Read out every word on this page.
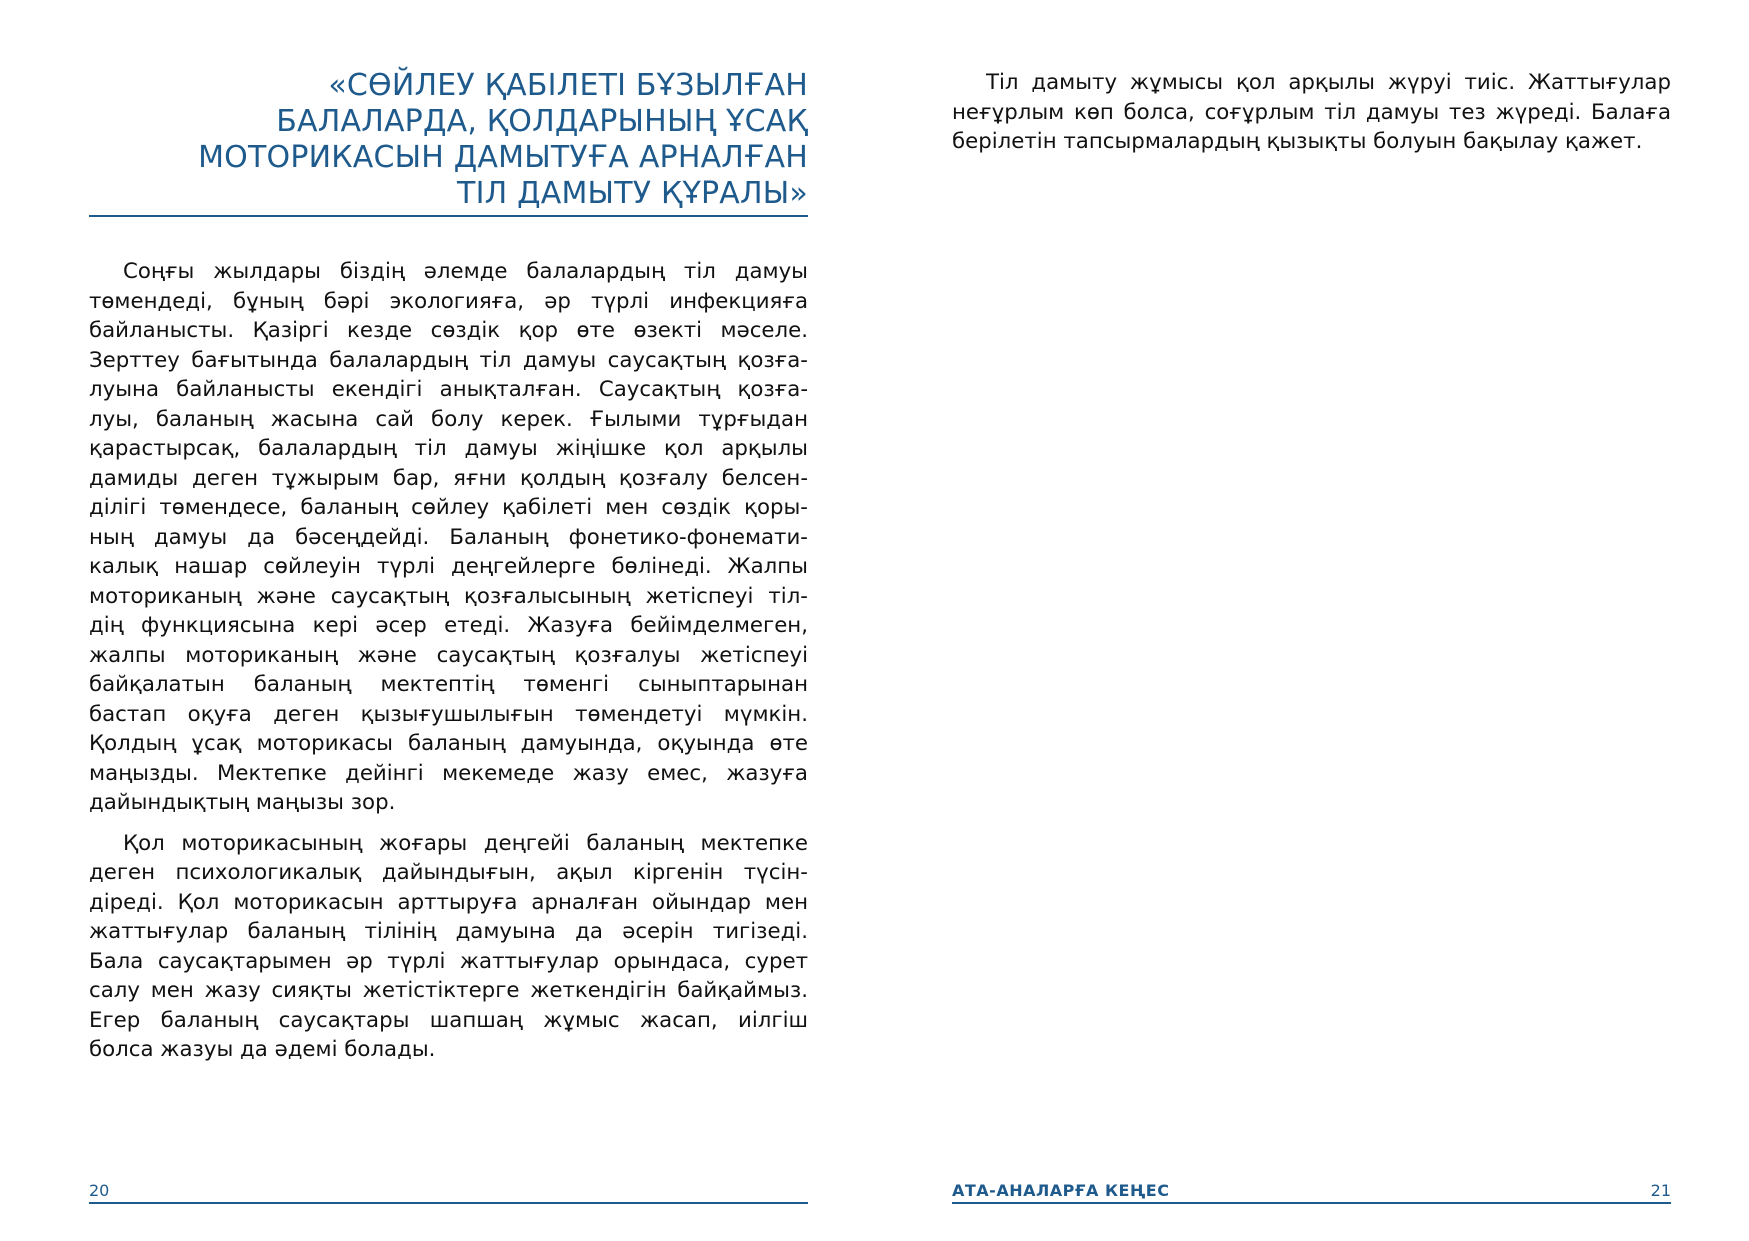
«СӨЙЛЕУ ҚАБІЛЕТІ БҰЗЫЛҒАН
БАЛАЛАРДА, ҚОЛДАРЫНЫҢ ҰСАҚ
МОТОРИКАСЫН ДАМЫТУҒА АРНАЛҒАН
ТІЛ ДАМЫТУ ҚҰРАЛЫ»
Соңғы жылдары біздің әлемде балалардың тіл дамуы
төмендеді, бұның бәрі экологияға, әр түрлі инфекцияға
байланысты. Қазіргі кезде сөздік қор өте өзекті мәселе.
Зерттеу бағытында балалардың тіл дамуы саусақтың қозға-
луына байланысты екендігі анықталған. Саусақтың қозға-
луы, баланың жасына сай болу керек. Ғылыми тұрғыдан
қарастырсақ, балалардың тіл дамуы жіңішке қол арқылы
дамиды деген тұжырым бар, яғни қолдың қозғалу белсен-
ділігі төмендесе, баланың сөйлеу қабілеті мен сөздік қоры-
ның дамуы да бәсеңдейді. Баланың фонетико-фонемати-
калық нашар сөйлеуін түрлі деңгейлерге бөлінеді. Жалпы
моториканың және саусақтың қозғалысының жетіспеуі тіл-
дің функциясына кері әсер етеді. Жазуға бейімделмеген,
жалпы моториканың және саусақтың қозғалуы жетіспеуі
байқалатын баланың мектептің төменгі сыныптарынан
бастап оқуға деген қызығушылығын төмендетуі мүмкін.
Қолдың ұсақ моторикасы баланың дамуында, оқуында өте
маңызды. Мектепке дейінгі мекемеде жазу емес, жазуға
дайындықтың маңызы зор.
Қол моторикасының жоғары деңгейі баланың мектепке
деген психологикалық дайындығын, ақыл кіргенін түсін-
діреді. Қол моторикасын арттыруға арналған ойындар мен
жаттығулар баланың тілінің дамуына да әсерін тигізеді.
Бала саусақтарымен әр түрлі жаттығулар орындаса, сурет
салу мен жазу сияқты жетістіктерге жеткендігін байқаймыз.
Егер баланың саусақтары шапшаң жұмыс жасап, иілгіш
болса жазуы да әдемі болады.
20
Тіл дамыту жұмысы қол арқылы жүруі тиіс. Жаттығулар
неғұрлым көп болса, соғұрлым тіл дамуы тез жүреді. Балаға
берілетін тапсырмалардың қызықты болуын бақылау қажет.
АТА-АНАЛАРҒА КЕҢЕС	21
